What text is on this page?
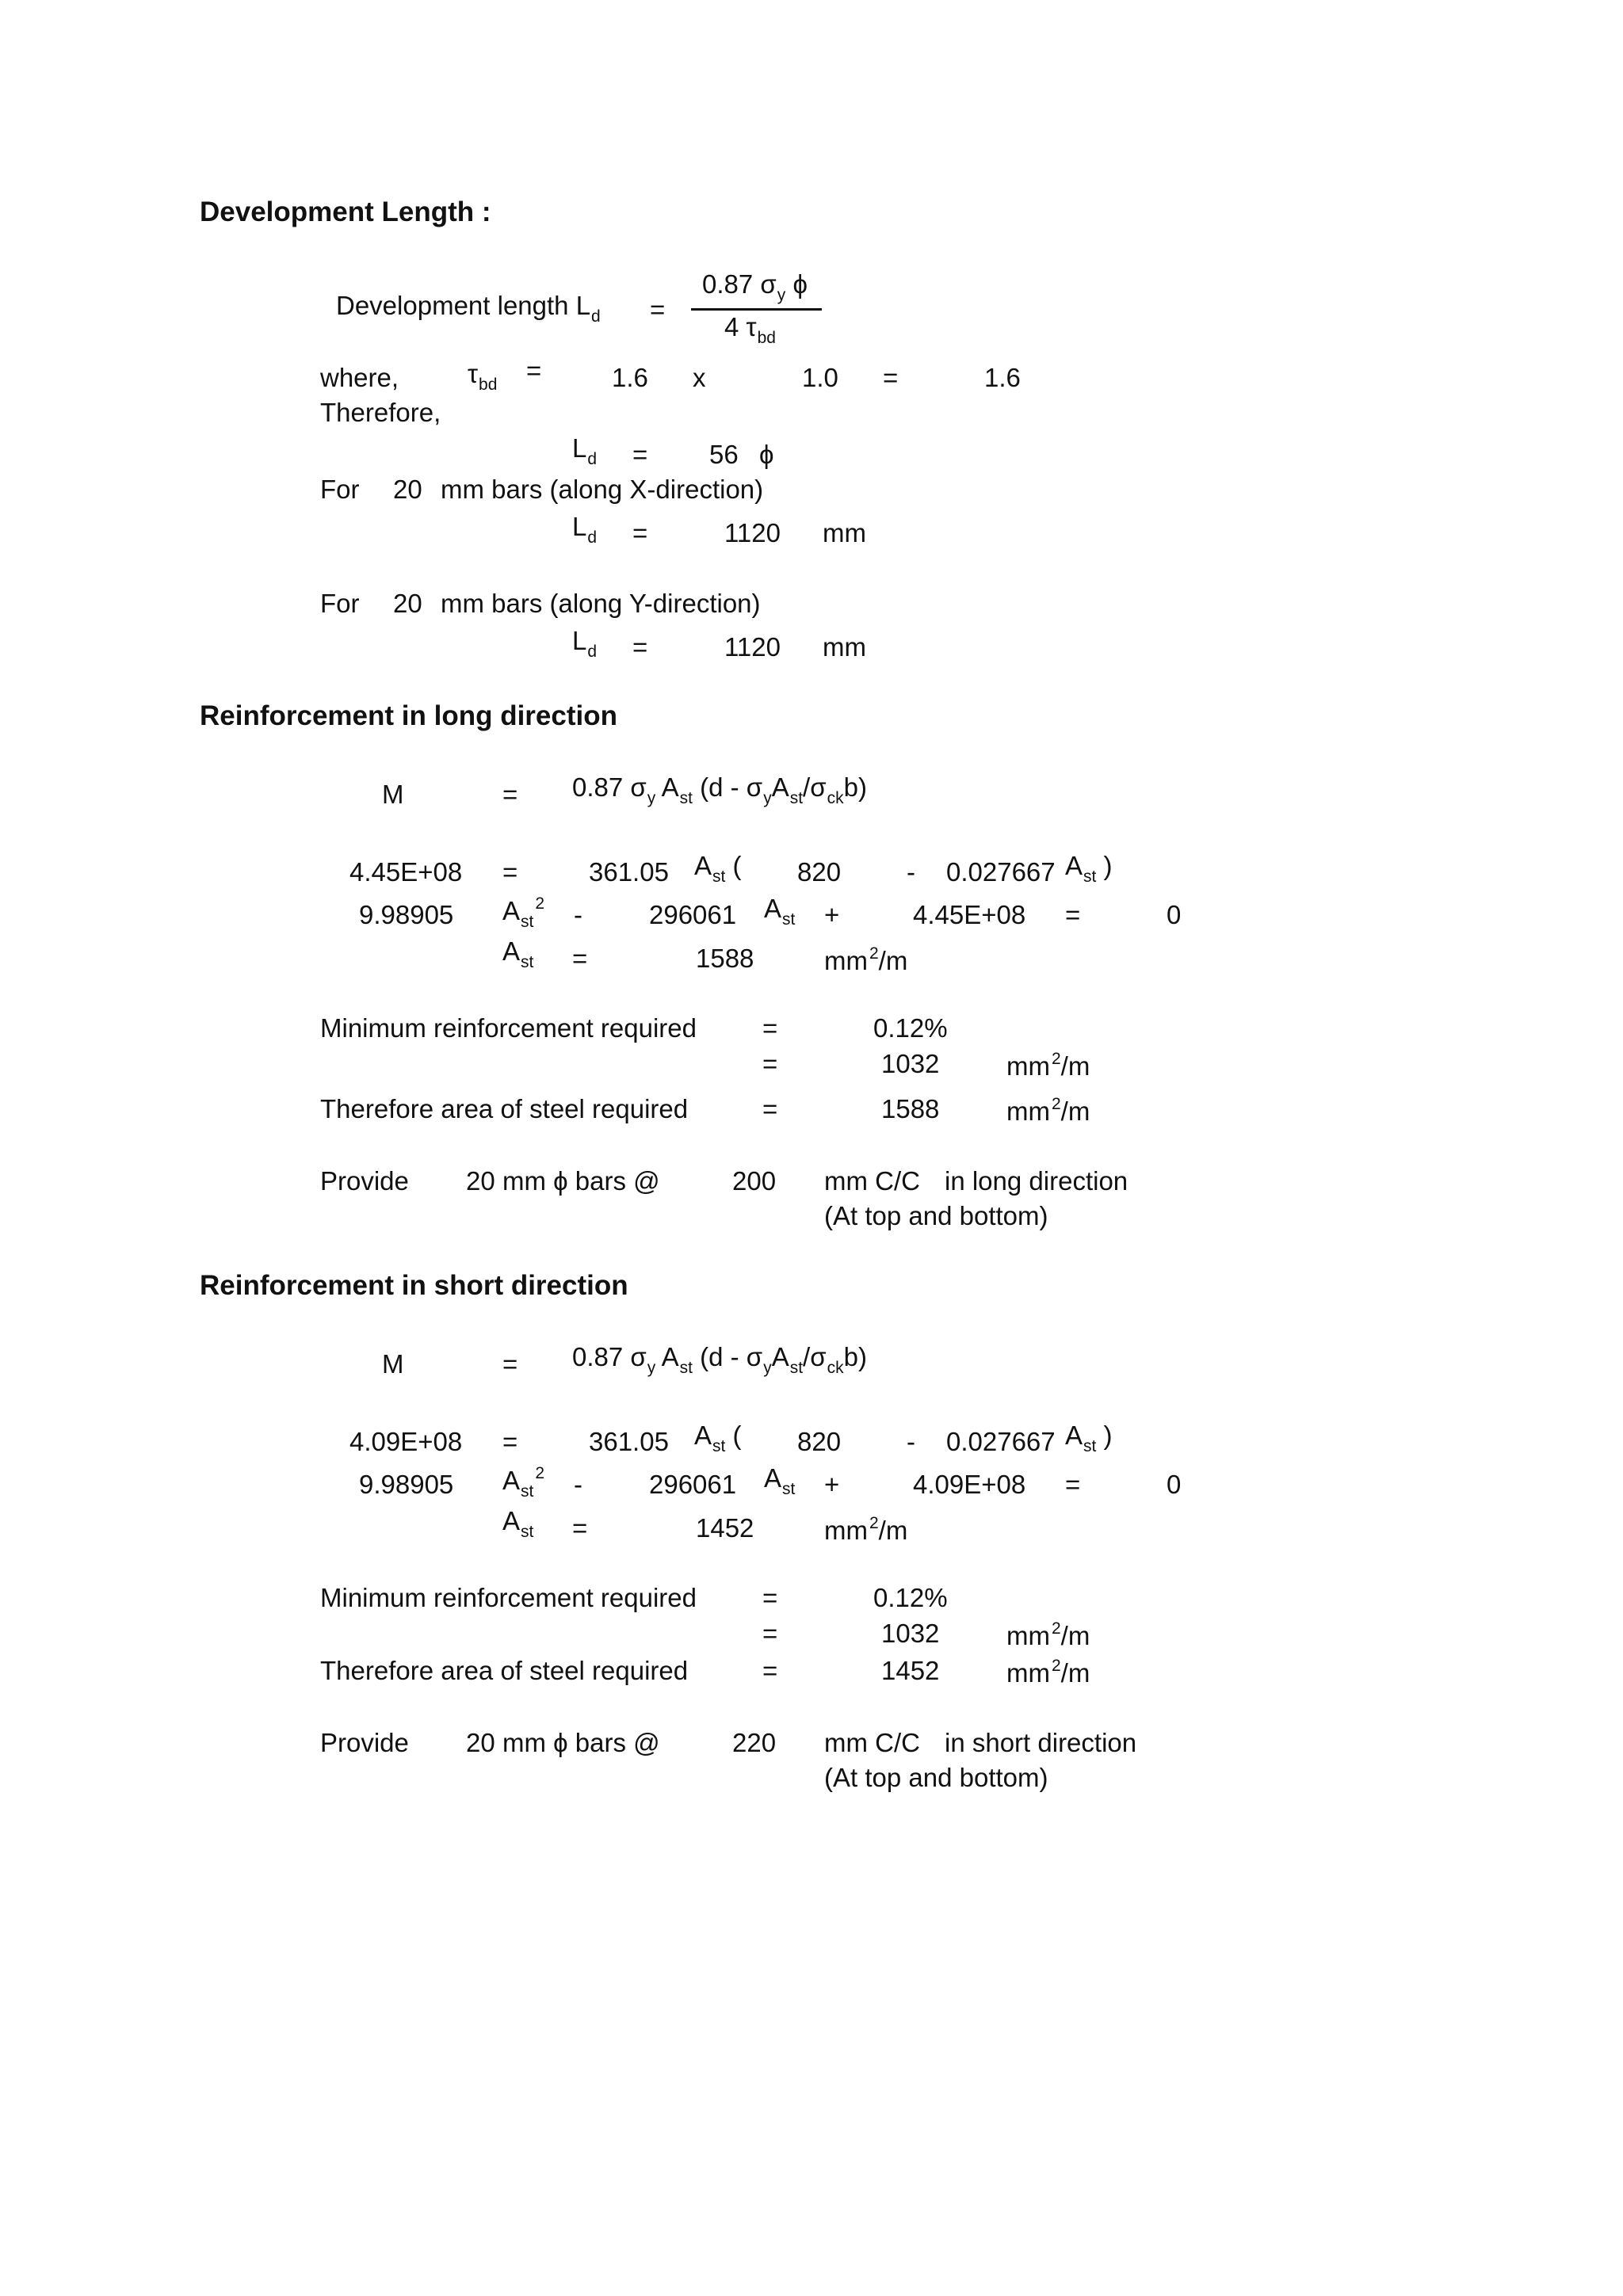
Development Length :
Development length $L_d$ =
0.87 $\sigma_y$ ϕ
4 $\tau_{bd}$
where,	$\tau_{bd}$ =	1.6 x	1.0 =	1.6
Therefore,
$L_d = 56$ ϕ
For 20 mm bars (along X-direction)
$L_d$ =	1120 mm
For 20 mm bars (along Y-direction)
$L_d$ =	1120 mm
Reinforcement in long direction
M	= 0.87 $\sigma_y$ $A_{st}$ $(d - \sigma_yA_{st}/\sigma_{ck}b)$
4.45E+08 =	361.05 $A_{st}$ ( 820	- 0.027667 $A_{st}$ )
9.98905 $A_{st}^2$ -	296061 $A_{st}$ +	4.45E+08 =	0
$A_{st}$ =	1588	$mm^2/m$
Minimum reinforcement required	=	0.12%
=	1032	$mm^2/m$
Therefore area of steel required	=	1588	$mm^2/m$
Provide 20 mm ϕ bars @	200 mm C/C in long direction
(At top and bottom)
Reinforcement in short direction
M	= 0.87 $\sigma_y$ $A_{st}$ $(d - \sigma_yA_{st}/\sigma_{ck}b)$
4.09E+08 =	361.05 $A_{st}$ ( 820	- 0.027667 $A_{st}$ )
9.98905 $A_{st}^2$ -	296061 $A_{st}$ +	4.09E+08 =	0
$A_{st}$ =	1452	$mm^2/m$
Minimum reinforcement required	=	0.12%
=	1032	$mm^2/m$
Therefore area of steel required	=	1452	$mm^2/m$
Provide 20 mm ϕ bars @	220 mm C/C in short direction
(At top and bottom)
